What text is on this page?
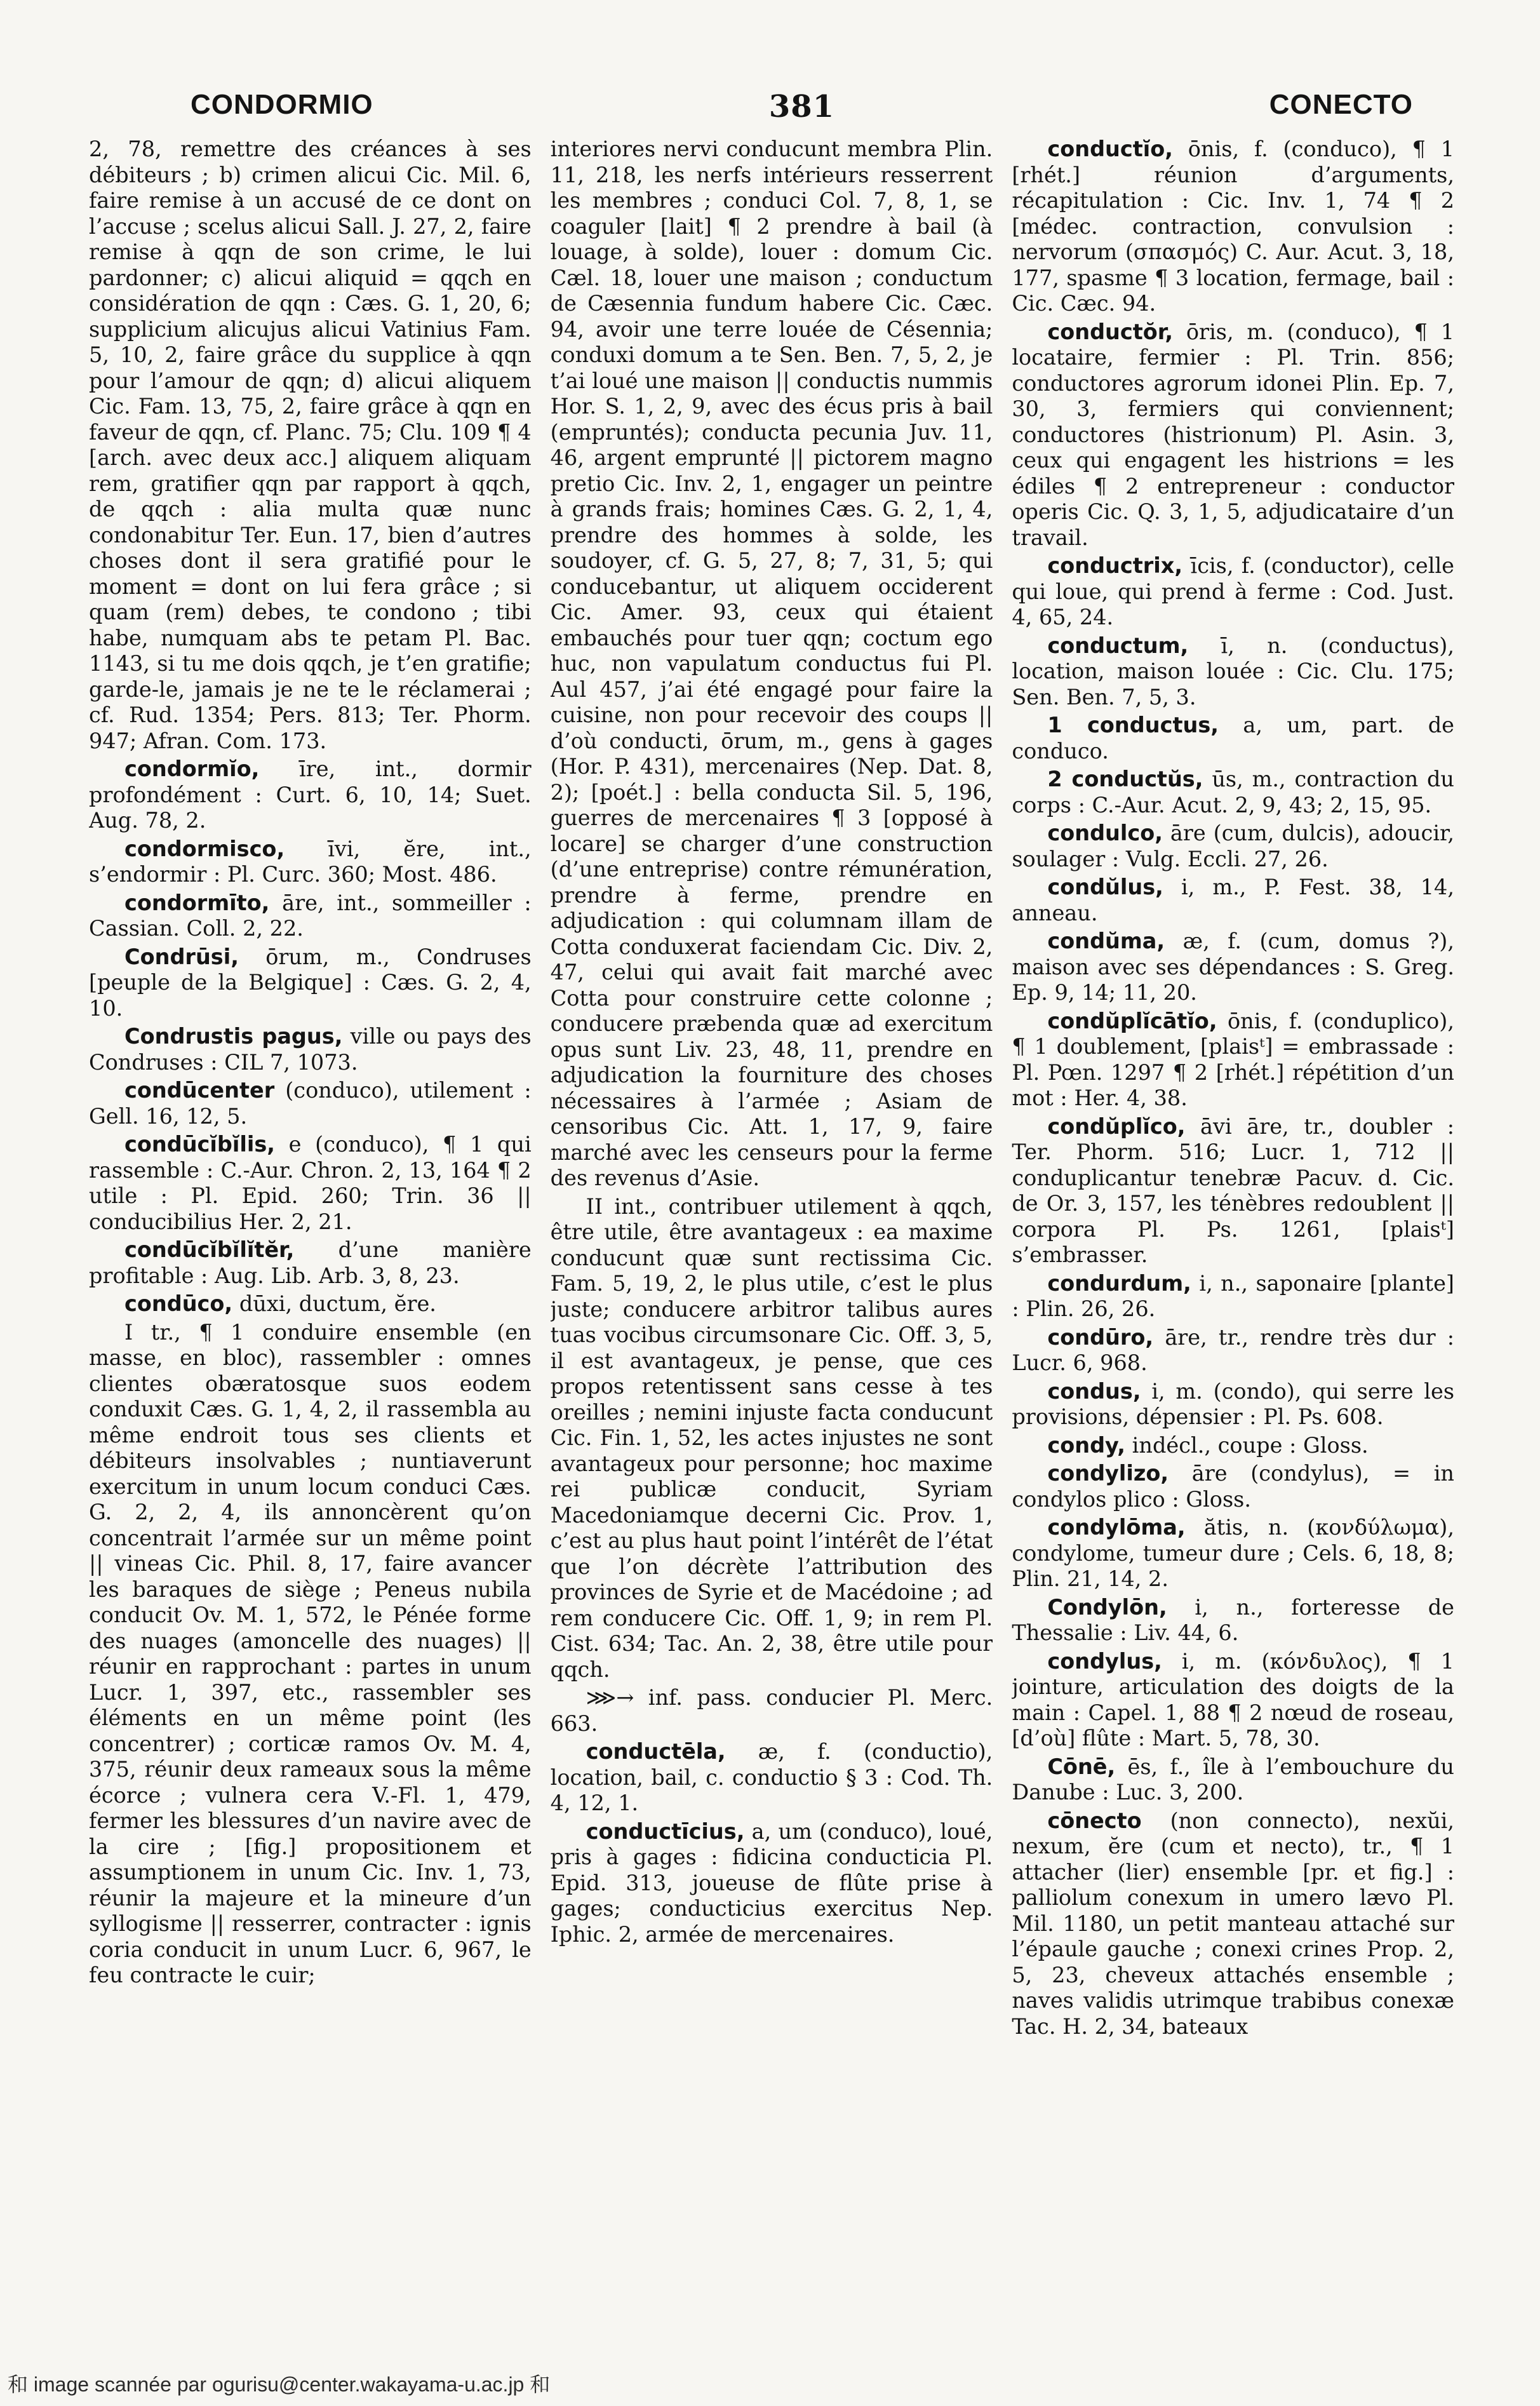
CONDORMIO	381	CONECTO

2, 78, remettre des créances à ses débiteurs ; b) crimen alicui Cic. Mil. 6, faire remise à un accusé de ce dont on l’accuse ; scelus alicui Sall. J. 27, 2, faire remise à qqn de son crime, le lui pardonner; c) alicui aliquid = qqch en considération de qqn : Cæs. G. 1, 20, 6; supplicium alicujus alicui Vatinius Fam. 5, 10, 2, faire grâce du supplice à qqn pour l’amour de qqn; d) alicui aliquem Cic. Fam. 13, 75, 2, faire grâce à qqn en faveur de qqn, cf. Planc. 75; Clu. 109 ¶ 4 [arch. avec deux acc.] aliquem aliquam rem, gratifier qqn par rapport à qqch, de qqch : alia multa quæ nunc condonabitur Ter. Eun. 17, bien d’autres choses dont il sera gratifié pour le moment = dont on lui fera grâce ; si quam (rem) debes, te condono ; tibi habe, numquam abs te petam Pl. Bac. 1143, si tu me dois qqch, je t’en gratifie; garde-le, jamais je ne te le réclamerai ; cf. Rud. 1354; Pers. 813; Ter. Phorm. 947; Afran. Com. 173.

condormĭo, īre, int., dormir profondément : Curt. 6, 10, 14; Suet. Aug. 78, 2.

condormisco, īvi, ĕre, int., s’endormir : Pl. Curc. 360; Most. 486.

condormīto, āre, int., sommeiller : Cassian. Coll. 2, 22.

Condrūsi, ōrum, m., Condruses [peuple de la Belgique] : Cæs. G. 2, 4, 10.

Condrustis pagus, ville ou pays des Condruses : CIL 7, 1073.

condūcenter (conduco), utilement : Gell. 16, 12, 5.

condūcĭbĭlis, e (conduco), ¶ 1 qui rassemble : C.-Aur. Chron. 2, 13, 164 ¶ 2 utile : Pl. Epid. 260; Trin. 36 || conducibilius Her. 2, 21.

condūcĭbĭlĭtĕr, d’une manière profitable : Aug. Lib. Arb. 3, 8, 23.

condūco, dūxi, ductum, ĕre.

I tr., ¶ 1 conduire ensemble (en masse, en bloc), rassembler : omnes clientes obæratosque suos eodem conduxit Cæs. G. 1, 4, 2, il rassembla au même endroit tous ses clients et débiteurs insolvables ; nuntiaverunt exercitum in unum locum conduci Cæs. G. 2, 2, 4, ils annoncèrent qu’on concentrait l’armée sur un même point || vineas Cic. Phil. 8, 17, faire avancer les baraques de siège ; Peneus nubila conducit Ov. M. 1, 572, le Pénée forme des nuages (amoncelle des nuages) || réunir en rapprochant : partes in unum Lucr. 1, 397, etc., rassembler ses éléments en un même point (les concentrer) ; corticæ ramos Ov. M. 4, 375, réunir deux rameaux sous la même écorce ; vulnera cera V.-Fl. 1, 479, fermer les blessures d’un navire avec de la cire ; [fig.] propositionem et assumptionem in unum Cic. Inv. 1, 73, réunir la majeure et la mineure d’un syllogisme || resserrer, contracter : ignis coria conducit in unum Lucr. 6, 967, le feu contracte le cuir;

interiores nervi conducunt membra Plin. 11, 218, les nerfs intérieurs resserrent les membres ; conduci Col. 7, 8, 1, se coaguler [lait] ¶ 2 prendre à bail (à louage, à solde), louer : domum Cic. Cæl. 18, louer une maison ; conductum de Cæsennia fundum habere Cic. Cæc. 94, avoir une terre louée de Césennia; conduxi domum a te Sen. Ben. 7, 5, 2, je t’ai loué une maison || conductis nummis Hor. S. 1, 2, 9, avec des écus pris à bail (empruntés); conducta pecunia Juv. 11, 46, argent emprunté || pictorem magno pretio Cic. Inv. 2, 1, engager un peintre à grands frais; homines Cæs. G. 2, 1, 4, prendre des hommes à solde, les soudoyer, cf. G. 5, 27, 8; 7, 31, 5; qui conducebantur, ut aliquem occiderent Cic. Amer. 93, ceux qui étaient embauchés pour tuer qqn; coctum ego huc, non vapulatum conductus fui Pl. Aul 457, j’ai été engagé pour faire la cuisine, non pour recevoir des coups || d’où conducti, ōrum, m., gens à gages (Hor. P. 431), mercenaires (Nep. Dat. 8, 2); [poét.] : bella conducta Sil. 5, 196, guerres de mercenaires ¶ 3 [opposé à locare] se charger d’une construction (d’une entreprise) contre rémunération, prendre à ferme, prendre en adjudication : qui columnam illam de Cotta conduxerat faciendam Cic. Div. 2, 47, celui qui avait fait marché avec Cotta pour construire cette colonne ; conducere præbenda quæ ad exercitum opus sunt Liv. 23, 48, 11, prendre en adjudication la fourniture des choses nécessaires à l’armée ; Asiam de censoribus Cic. Att. 1, 17, 9, faire marché avec les censeurs pour la ferme des revenus d’Asie.

II int., contribuer utilement à qqch, être utile, être avantageux : ea maxime conducunt quæ sunt rectissima Cic. Fam. 5, 19, 2, le plus utile, c’est le plus juste; conducere arbitror talibus aures tuas vocibus circumsonare Cic. Off. 3, 5, il est avantageux, je pense, que ces propos retentissent sans cesse à tes oreilles ; nemini injuste facta conducunt Cic. Fin. 1, 52, les actes injustes ne sont avantageux pour personne; hoc maxime rei publicæ conducit, Syriam Macedoniamque decerni Cic. Prov. 1, c’est au plus haut point l’intérêt de l’état que l’on décrète l’attribution des provinces de Syrie et de Macédoine ; ad rem conducere Cic. Off. 1, 9; in rem Pl. Cist. 634; Tac. An. 2, 38, être utile pour qqch.

⋙→ inf. pass. conducier Pl. Merc. 663.

conductēla, æ, f. (conductio), location, bail, c. conductio § 3 : Cod. Th. 4, 12, 1.

conductīcius, a, um (conduco), loué, pris à gages : fidicina conducticia Pl. Epid. 313, joueuse de flûte prise à gages; conducticius exercitus Nep. Iphic. 2, armée de mercenaires.

conductĭo, ōnis, f. (conduco), ¶ 1 [rhét.] réunion d’arguments, récapitulation : Cic. Inv. 1, 74 ¶ 2 [médec. contraction, convulsion : nervorum (σπασμός) C. Aur. Acut. 3, 18, 177, spasme ¶ 3 location, fermage, bail : Cic. Cæc. 94.

conductŏr, ōris, m. (conduco), ¶ 1 locataire, fermier : Pl. Trin. 856; conductores agrorum idonei Plin. Ep. 7, 30, 3, fermiers qui conviennent; conductores (histrionum) Pl. Asin. 3, ceux qui engagent les histrions = les édiles ¶ 2 entrepreneur : conductor operis Cic. Q. 3, 1, 5, adjudicataire d’un travail.

conductrix, īcis, f. (conductor), celle qui loue, qui prend à ferme : Cod. Just. 4, 65, 24.

conductum, ī, n. (conductus), location, maison louée : Cic. Clu. 175; Sen. Ben. 7, 5, 3.

1 conductus, a, um, part. de conduco.

2 conductŭs, ūs, m., contraction du corps : C.-Aur. Acut. 2, 9, 43; 2, 15, 95.

condulco, āre (cum, dulcis), adoucir, soulager : Vulg. Eccli. 27, 26.

condŭlus, i, m., P. Fest. 38, 14, anneau.

condŭma, æ, f. (cum, domus ?), maison avec ses dépendances : S. Greg. Ep. 9, 14; 11, 20.

condŭplĭcātĭo, ōnis, f. (conduplico), ¶ 1 doublement, [plaisᵗ] = embrassade : Pl. Pœn. 1297 ¶ 2 [rhét.] répétition d’un mot : Her. 4, 38.

condŭplĭco, āvi āre, tr., doubler : Ter. Phorm. 516; Lucr. 1, 712 || conduplicantur tenebræ Pacuv. d. Cic. de Or. 3, 157, les ténèbres redoublent || corpora Pl. Ps. 1261, [plaisᵗ] s’embrasser.

condurdum, i, n., saponaire [plante] : Plin. 26, 26.

condūro, āre, tr., rendre très dur : Lucr. 6, 968.

condus, i, m. (condo), qui serre les provisions, dépensier : Pl. Ps. 608.

condy, indécl., coupe : Gloss.

condylizo, āre (condylus), = in condylos plico : Gloss.

condylōma, ătis, n. (κονδύλωμα), condylome, tumeur dure ; Cels. 6, 18, 8; Plin. 21, 14, 2.

Condylōn, i, n., forteresse de Thessalie : Liv. 44, 6.

condylus, i, m. (κόνδυλος), ¶ 1 jointure, articulation des doigts de la main : Capel. 1, 88 ¶ 2 nœud de roseau, [d’où] flûte : Mart. 5, 78, 30.

Cōnē, ēs, f., île à l’embouchure du Danube : Luc. 3, 200.

cōnecto (non connecto), nexŭi, nexum, ĕre (cum et necto), tr., ¶ 1 attacher (lier) ensemble [pr. et fig.] : palliolum conexum in umero lævo Pl. Mil. 1180, un petit manteau attaché sur l’épaule gauche ; conexi crines Prop. 2, 5, 23, cheveux attachés ensemble ; naves validis utrimque trabibus conexæ Tac. H. 2, 34, bateaux

和 image scannée par ogurisu@center.wakayama-u.ac.jp 和
